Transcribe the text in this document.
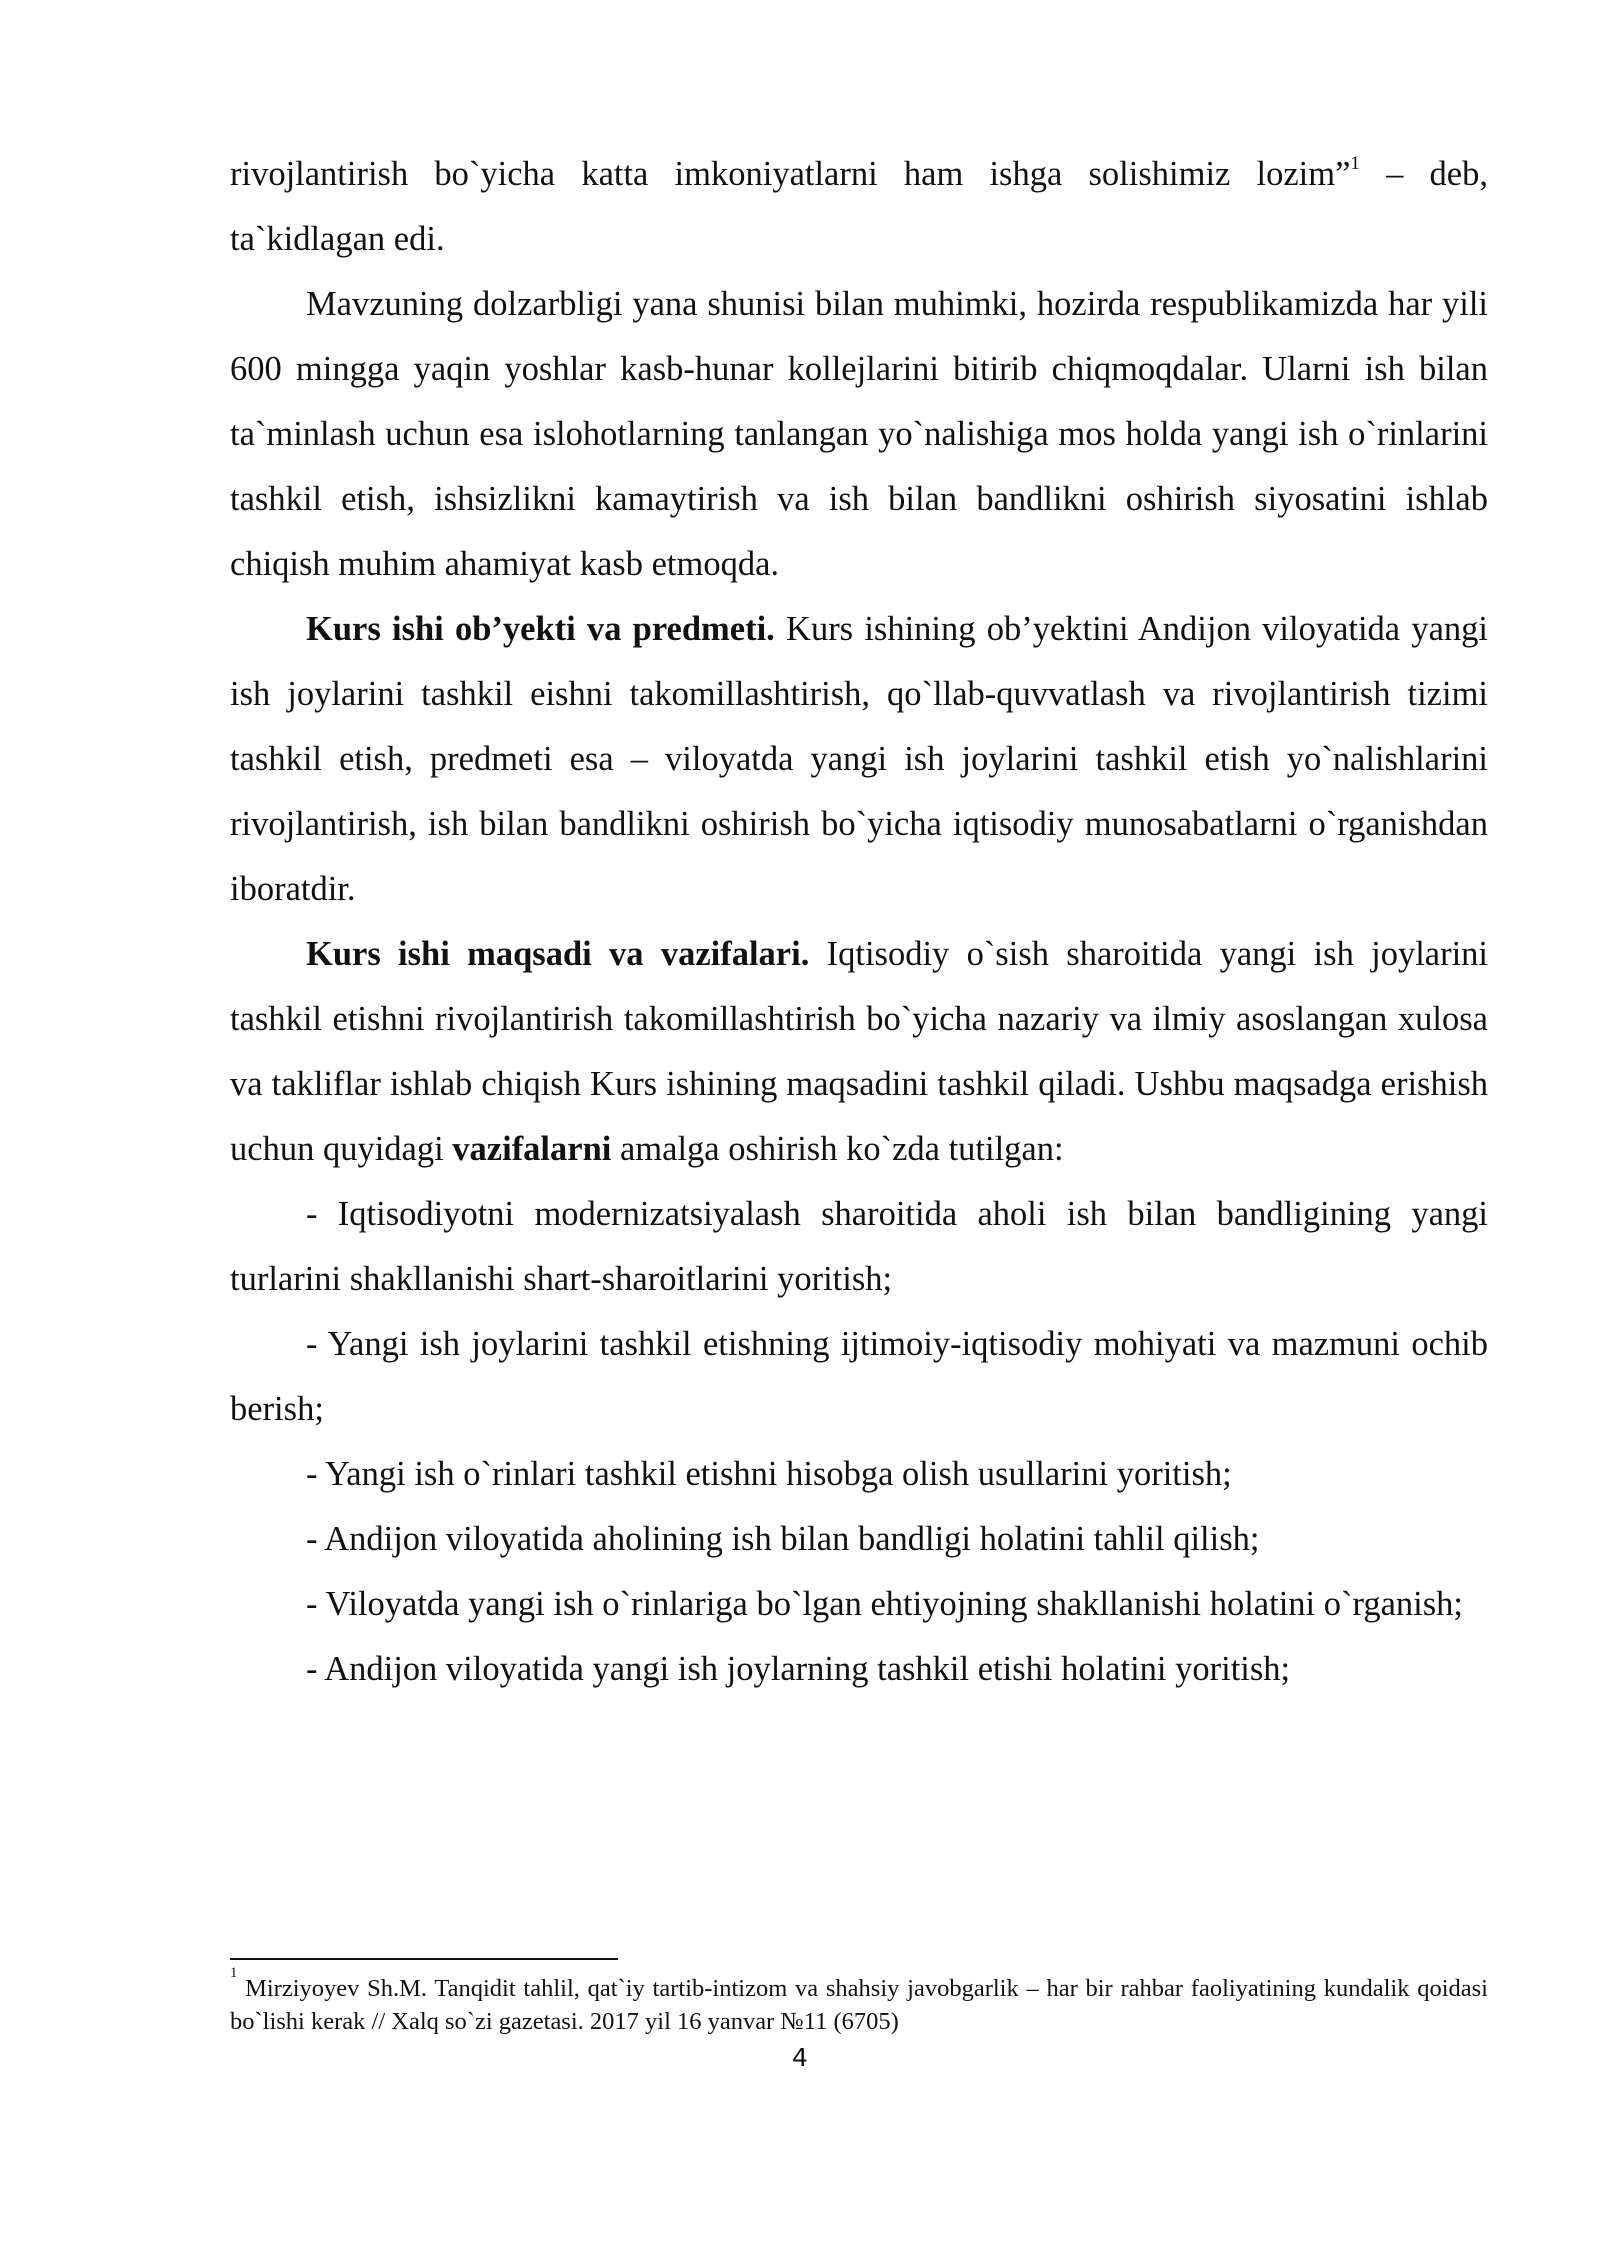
rivojlantirish bo`yicha katta imkoniyatlarni ham ishga solishimiz lozim”$^1$ – deb, ta`kidlagan edi.

Mavzuning dolzarbligi yana shunisi bilan muhimki, hozirda respublikamizda har yili 600 mingga yaqin yoshlar kasb-hunar kollejlarini bitirib chiqmoqdalar. Ularni ish bilan ta`minlash uchun esa islohotlarning tanlangan yo`nalishiga mos holda yangi ish o`rinlarini tashkil etish, ishsizlikni kamaytirish va ish bilan bandlikni oshirish siyosatini ishlab chiqish muhim ahamiyat kasb etmoqda.

Kurs ishi ob’yekti va predmeti. Kurs ishining ob’yektini Andijon viloyatida yangi ish joylarini tashkil eishni takomillashtirish, qo`llab-quvvatlash va rivojlantirish tizimi tashkil etish, predmeti esa – viloyatda yangi ish joylarini tashkil etish yo`nalishlarini rivojlantirish, ish bilan bandlikni oshirish bo`yicha iqtisodiy munosabatlarni o`rganishdan iboratdir.

Kurs ishi maqsadi va vazifalari. Iqtisodiy o`sish sharoitida yangi ish joylarini tashkil etishni rivojlantirish takomillashtirish bo`yicha nazariy va ilmiy asoslangan xulosa va takliflar ishlab chiqish Kurs ishining maqsadini tashkil qiladi. Ushbu maqsadga erishish uchun quyidagi vazifalarni amalga oshirish ko`zda tutilgan:

- Iqtisodiyotni modernizatsiyalash sharoitida aholi ish bilan bandligining yangi turlarini shakllanishi shart-sharoitlarini yoritish;

- Yangi ish joylarini tashkil etishning ijtimoiy-iqtisodiy mohiyati va mazmuni ochib berish;

- Yangi ish o`rinlari tashkil etishni hisobga olish usullarini yoritish;

- Andijon viloyatida aholining ish bilan bandligi holatini tahlil qilish;

- Viloyatda yangi ish o`rinlariga bo`lgan ehtiyojning shakllanishi holatini o`rganish;

- Andijon viloyatida yangi ish joylarning tashkil etishi holatini yoritish;

$^1$ Mirziyoyev Sh.M. Tanqidit tahlil, qat`iy tartib-intizom va shahsiy javobgarlik – har bir rahbar faoliyatining kundalik qoidasi bo`lishi kerak // Xalq so`zi gazetasi. 2017 yil 16 yanvar №11 (6705)

4
